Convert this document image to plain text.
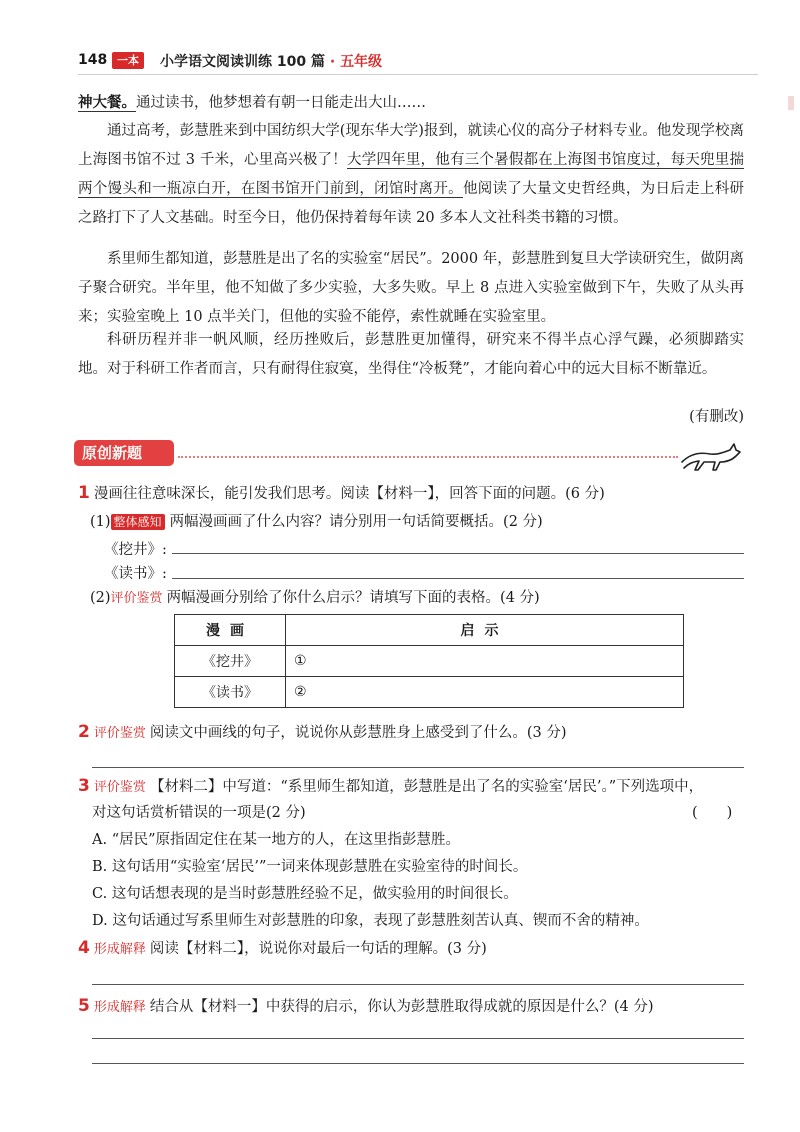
148 一本	小学语文阅读训练 100 篇 · 五年级
神大餐。通过读书，他梦想着有朝一日能走出大山……
通过高考，彭慧胜来到中国纺织大学(现东华大学)报到，就读心仪的高分子材料专业。他发现学校离上海图书馆不过 3 千米，心里高兴极了！大学四年里，他有三个暑假都在上海图书馆度过，每天兜里揣两个馒头和一瓶凉白开，在图书馆开门前到，闭馆时离开。他阅读了大量文史哲经典，为日后走上科研之路打下了人文基础。时至今日，他仍保持着每年读 20 多本人文社科类书籍的习惯。
系里师生都知道，彭慧胜是出了名的实验室“居民”。2000 年，彭慧胜到复旦大学读研究生，做阴离子聚合研究。半年里，他不知做了多少实验，大多失败。早上 8 点进入实验室做到下午，失败了从头再来；实验室晚上 10 点半关门，但他的实验不能停，索性就睡在实验室里。
科研历程并非一帆风顺，经历挫败后，彭慧胜更加懂得，研究来不得半点心浮气躁，必须脚踏实地。对于科研工作者而言，只有耐得住寂寞，坐得住“冷板凳”，才能向着心中的远大目标不断靠近。
(有删改)
原创新题
1 漫画往往意味深长，能引发我们思考。阅读【材料一】，回答下面的问题。(6 分)
(1) 整体感知 两幅漫画画了什么内容？请分别用一句话简要概括。(2 分)
《挖井》:
《读书》:
(2)评价鉴赏 两幅漫画分别给了你什么启示？请填写下面的表格。(4 分)
漫画	启示
《挖井》	①
《读书》	②
2 评价鉴赏 阅读文中画线的句子，说说你从彭慧胜身上感受到了什么。(3 分)
3 评价鉴赏 【材料二】中写道：“系里师生都知道，彭慧胜是出了名的实验室‘居民’。”下列选项中，
对这句话赏析错误的一项是(2 分)	(　　)
A. “居民”原指固定住在某一地方的人，在这里指彭慧胜。
B. 这句话用“实验室‘居民’”一词来体现彭慧胜在实验室待的时间长。
C. 这句话想表现的是当时彭慧胜经验不足，做实验用的时间很长。
D. 这句话通过写系里师生对彭慧胜的印象，表现了彭慧胜刻苦认真、锲而不舍的精神。
4 形成解释 阅读【材料二】，说说你对最后一句话的理解。(3 分)
5 形成解释 结合从【材料一】中获得的启示，你认为彭慧胜取得成就的原因是什么？(4 分)
